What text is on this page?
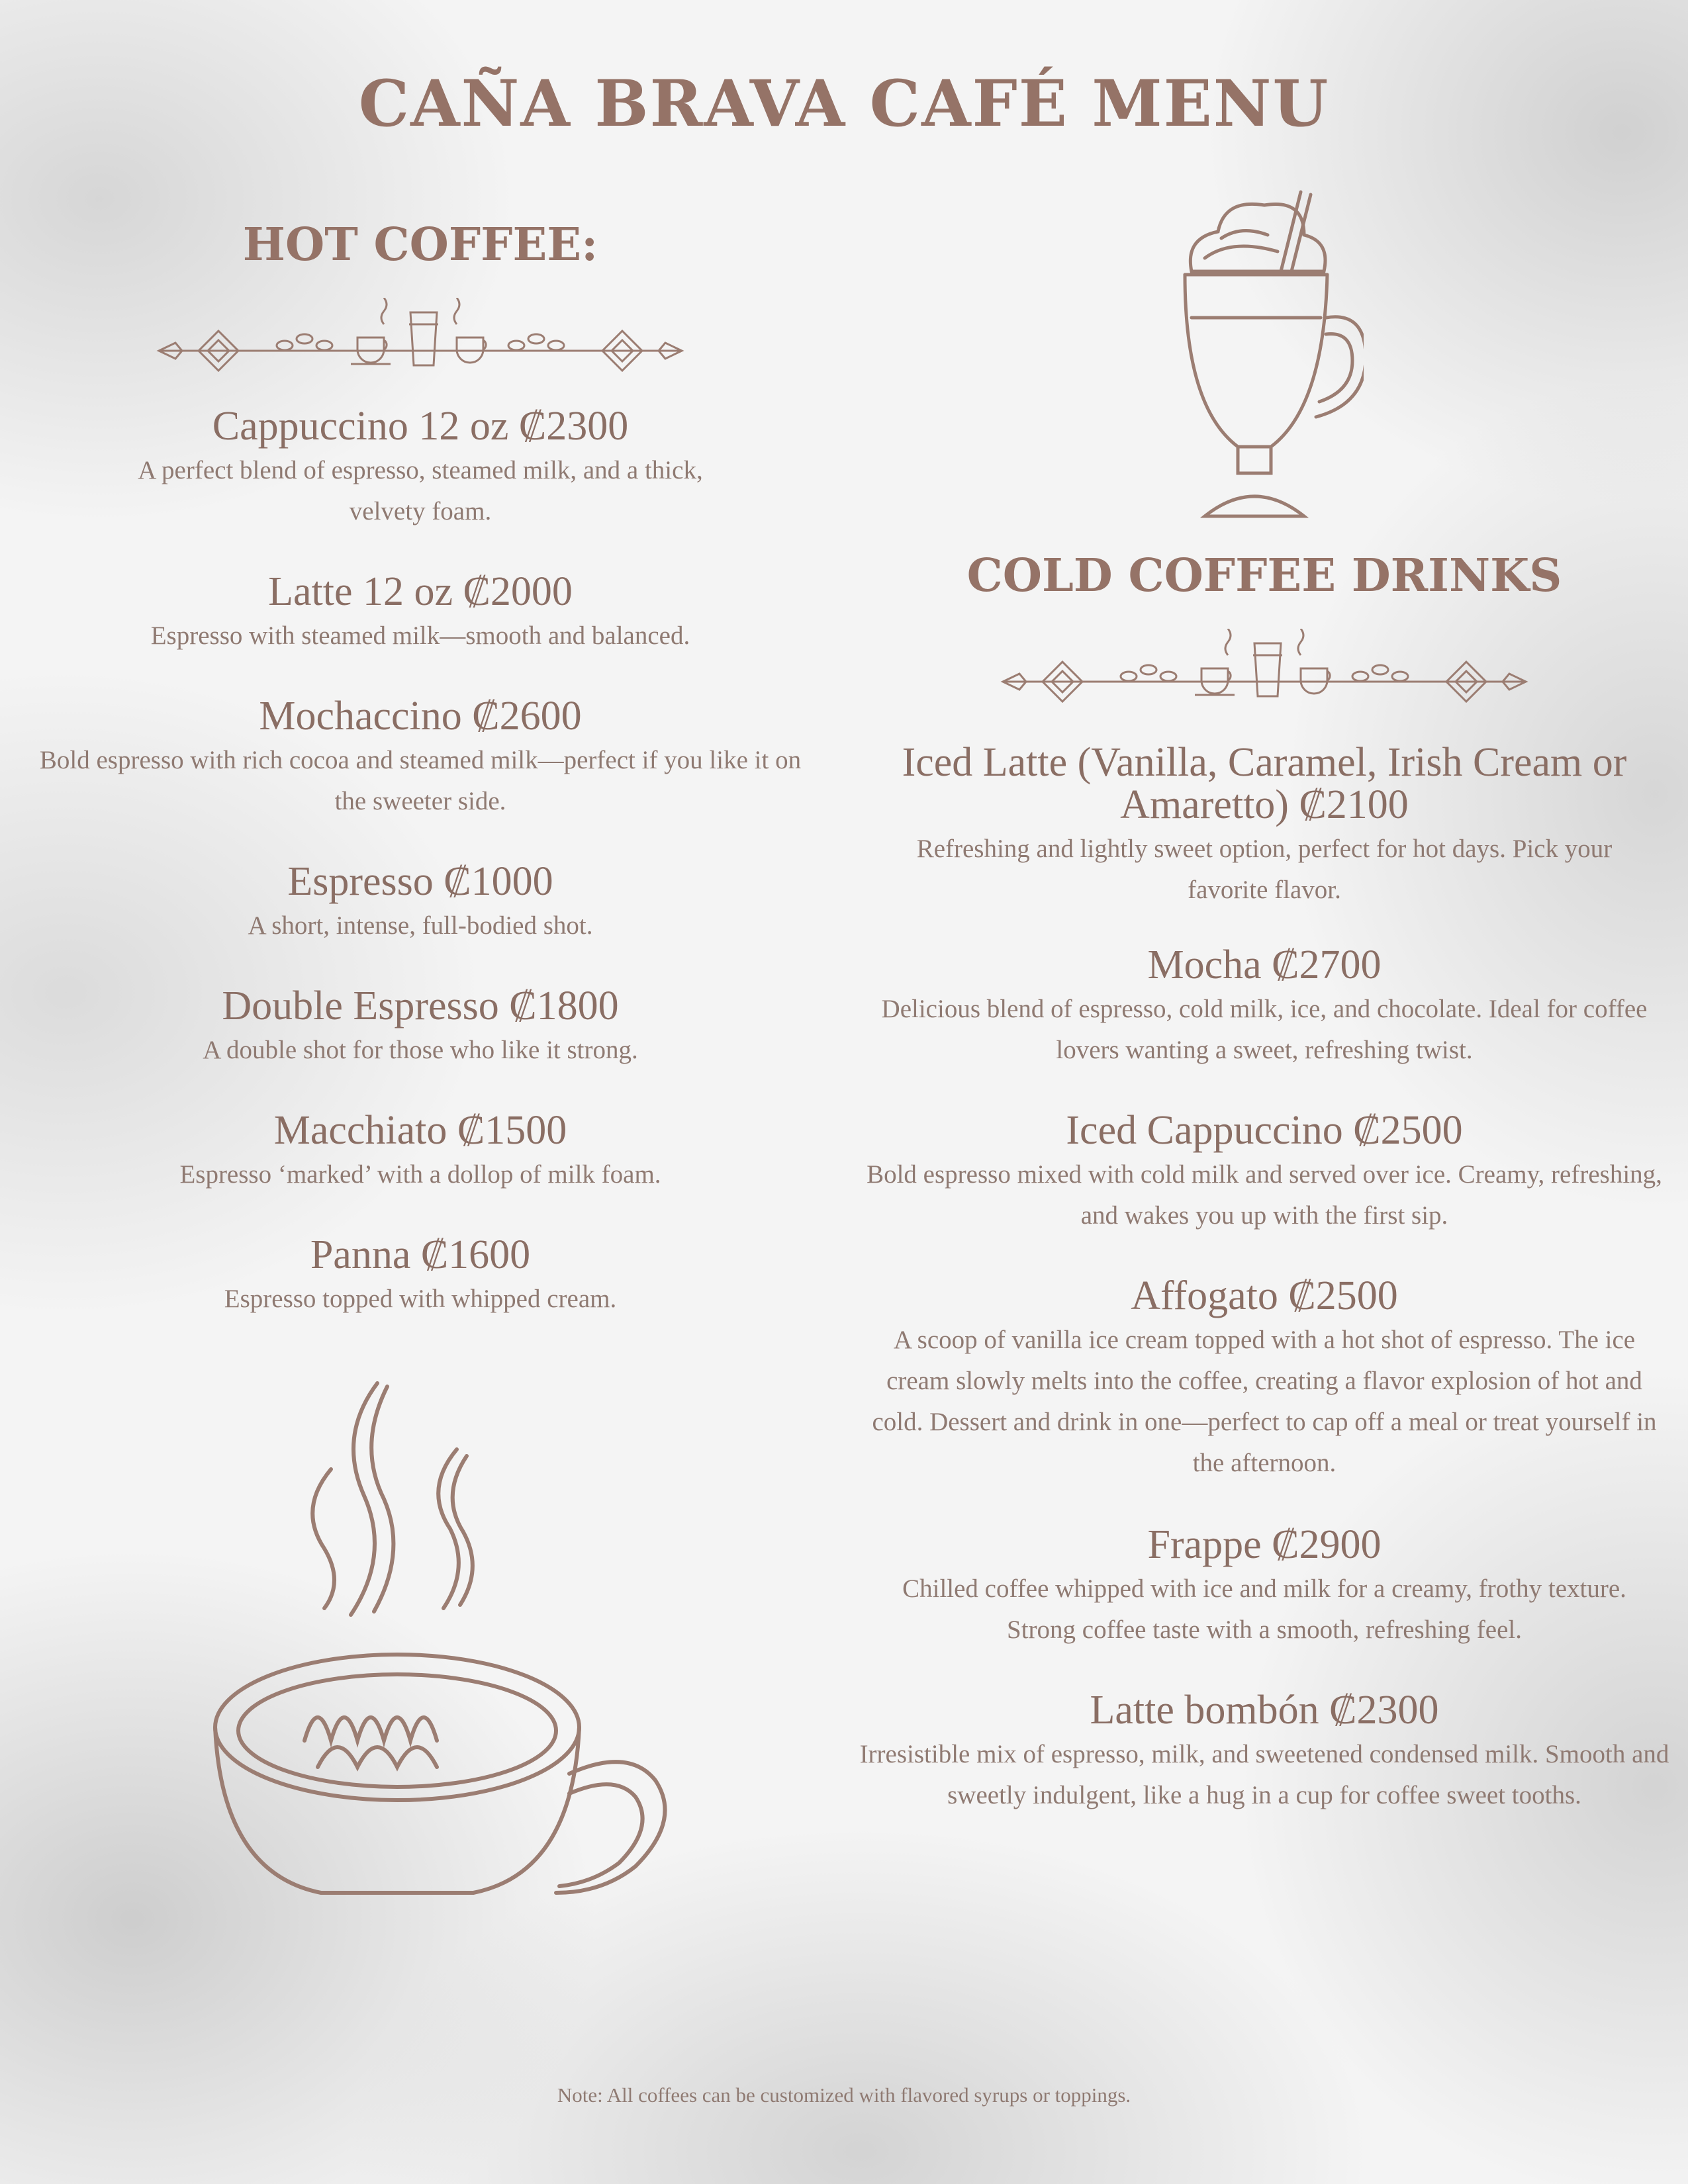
CAÑA BRAVA CAFÉ MENU
HOT COFFEE:
Cappuccino 12 oz ₡2300
A perfect blend of espresso, steamed milk, and a thick, velvety foam.
Latte 12 oz ₡2000
Espresso with steamed milk—smooth and balanced.
Mochaccino ₡2600
Bold espresso with rich cocoa and steamed milk—perfect if you like it on the sweeter side.
Espresso ₡1000
A short, intense, full-bodied shot.
Double Espresso ₡1800
A double shot for those who like it strong.
Macchiato ₡1500
Espresso ‘marked’ with a dollop of milk foam.
Panna ₡1600
Espresso topped with whipped cream.
COLD COFFEE DRINKS
Iced Latte (Vanilla, Caramel, Irish Cream or Amaretto) ₡2100
Refreshing and lightly sweet option, perfect for hot days. Pick your favorite flavor.
Mocha ₡2700
Delicious blend of espresso, cold milk, ice, and chocolate. Ideal for coffee lovers wanting a sweet, refreshing twist.
Iced Cappuccino ₡2500
Bold espresso mixed with cold milk and served over ice. Creamy, refreshing, and wakes you up with the first sip.
Affogato ₡2500
A scoop of vanilla ice cream topped with a hot shot of espresso. The ice cream slowly melts into the coffee, creating a flavor explosion of hot and cold. Dessert and drink in one—perfect to cap off a meal or treat yourself in the afternoon.
Frappe ₡2900
Chilled coffee whipped with ice and milk for a creamy, frothy texture. Strong coffee taste with a smooth, refreshing feel.
Latte bombón ₡2300
Irresistible mix of espresso, milk, and sweetened condensed milk. Smooth and sweetly indulgent, like a hug in a cup for coffee sweet tooths.
Note: All coffees can be customized with flavored syrups or toppings.
